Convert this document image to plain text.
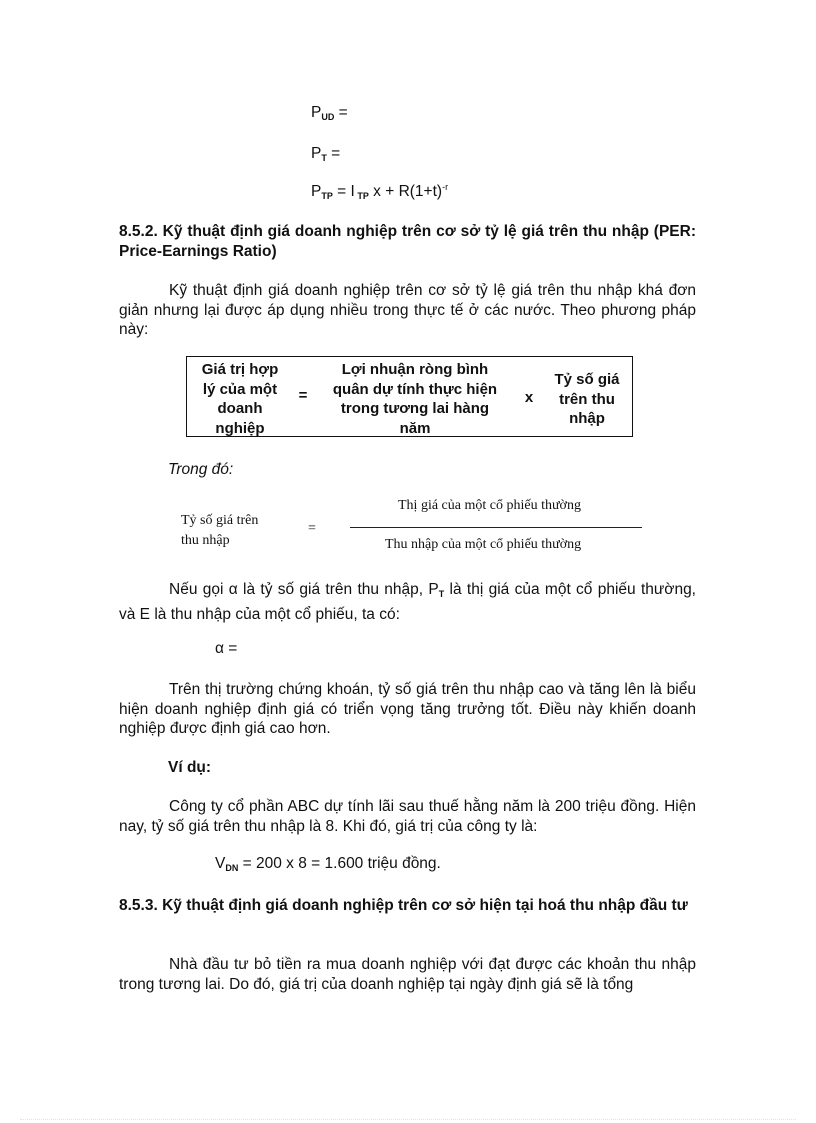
$P_{UD}$ =
$P_T$ =
$P_{TP} = I$ $_{TP}$ $x + R(1+t)^{-r}$
8.5.2. Kỹ thuật định giá doanh nghiệp trên cơ sở tỷ lệ giá trên thu nhập (PER: Price-Earnings Ratio)
Kỹ thuật định giá doanh nghiệp trên cơ sở tỷ lệ giá trên thu nhập khá đơn giản nhưng lại được áp dụng nhiều trong thực tế ở các nước. Theo phương pháp này:
Giá trị hợp
lý của một
doanh
nghiệp
=
Lợi nhuận ròng bình
quân dự tính thực hiện
trong tương lai hàng
năm
x
Tỷ số giá
trên thu
nhập
Trong đó:
Tỷ số giá trên
thu nhập
=
Thị giá của một cổ phiếu thường
Thu nhập của một cổ phiếu thường
Nếu gọi α là tỷ số giá trên thu nhập, $P_T$ là thị giá của một cổ phiếu thường, và E là thu nhập của một cổ phiếu, ta có:
α =
Trên thị trường chứng khoán, tỷ số giá trên thu nhập cao và tăng lên là biểu hiện doanh nghiệp định giá có triển vọng tăng trưởng tốt. Điều này khiến doanh nghiệp được định giá cao hơn.
Ví dụ:
Công ty cổ phần ABC dự tính lãi sau thuế hằng năm là 200 triệu đồng. Hiện nay, tỷ số giá trên thu nhập là 8. Khi đó, giá trị của công ty là:
$V_{DN} = 200$ x 8 = 1.600 triệu đồng.
8.5.3. Kỹ thuật định giá doanh nghiệp trên cơ sở hiện tại hoá thu nhập đầu tư
Nhà đầu tư bỏ tiền ra mua doanh nghiệp với đạt được các khoản thu nhập trong tương lai. Do đó, giá trị của doanh nghiệp tại ngày định giá sẽ là tổng
